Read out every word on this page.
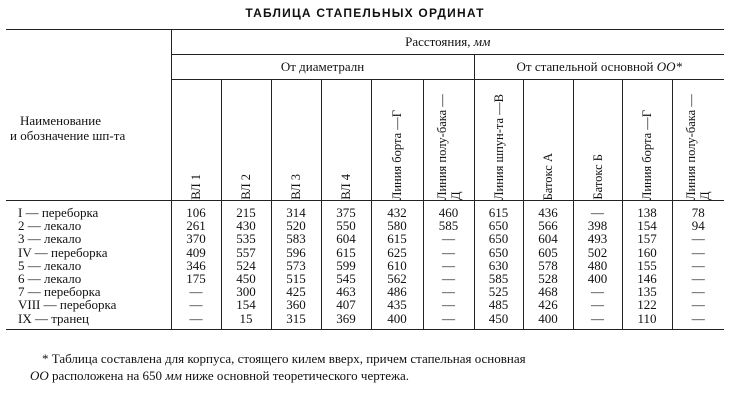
ТАБЛИЦА СТАПЕЛЬНЫХ ОРДИНАТ
Наименование
и обозначение шп-та	Расстояния, мм										
	От диаметралн						От стапельной основной ОО*				

	ВЛ 1	ВЛ 2	ВЛ 3	ВЛ 4	Линия борта —Г	Линия полу-бака —Д	Линия шпун-та —В	Батокс А	Батокс Б	Линия борта —Г	Линия полу-бака —Д

I — переборка	106	215	314	375	432	460	615	436	—	138	78

2 — лекало	261	430	520	550	580	585	650	566	398	154	94

3 — лекало	370	535	583	604	615	—	650	604	493	157	—

IV — переборка	409	557	596	615	625	—	650	605	502	160	—

5 — лекало	346	524	573	599	610	—	630	578	480	155	—

6 — лекало	175	450	515	545	562	—	585	528	400	146	—

7 — переборка	—	300	425	463	486	—	525	468	—	135	—

VIII — переборка	—	154	360	407	435	—	485	426	—	122	—

IX — транец	—	15	315	369	400	—	450	400	—	110	—
* Таблица составлена для корпуса, стоящего килем вверх, причем стапельная основная
ОО расположена на 650 мм ниже основной теоретического чертежа.
